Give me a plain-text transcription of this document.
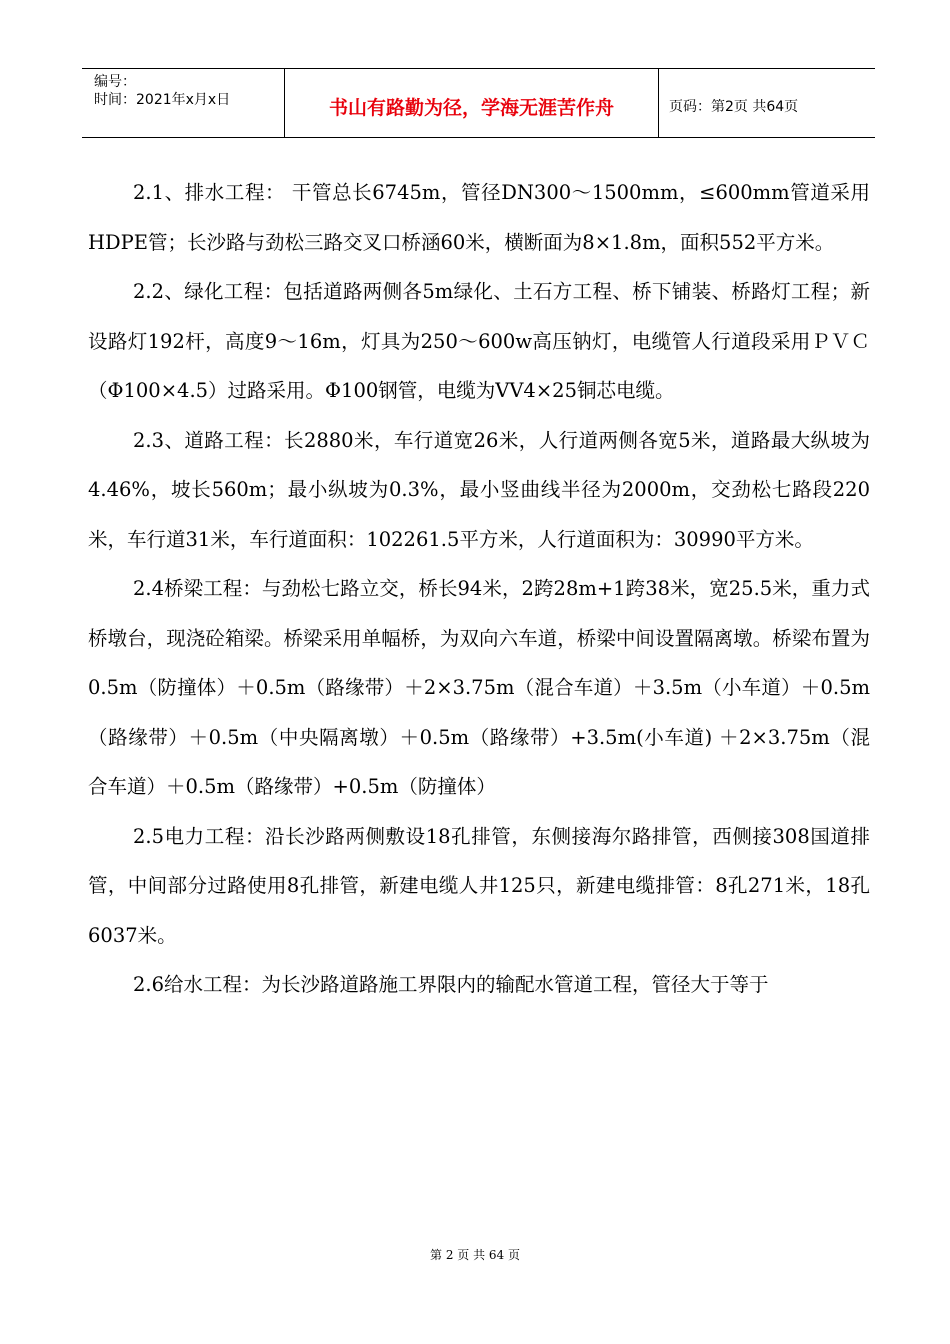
编号：
时间：2021年x月x日	书山有路勤为径，学海无涯苦作舟	页码：第2页 共64页

2.1、排水工程： 干管总长6745m，管径DN300～1500mm，≤600mm管道采用HDPE管；长沙路与劲松三路交叉口桥涵60米，横断面为8×1.8m，面积552平方米。

2.2、绿化工程：包括道路两侧各5m绿化、土石方工程、桥下铺装、桥路灯工程；新设路灯192杆，高度9～16m，灯具为250～600w高压钠灯，电缆管人行道段采用ＰＶＣ（Φ100×4.5）过路采用。Φ100钢管，电缆为VV4×25铜芯电缆。

2.3、道路工程：长2880米，车行道宽26米，人行道两侧各宽5米，道路最大纵坡为4.46%，坡长560m；最小纵坡为0.3%，最小竖曲线半径为2000m，交劲松七路段220米，车行道31米，车行道面积：102261.5平方米，人行道面积为：30990平方米。

2.4桥梁工程：与劲松七路立交，桥长94米，2跨28m+1跨38米，宽25.5米，重力式桥墩台，现浇砼箱梁。桥梁采用单幅桥，为双向六车道，桥梁中间设置隔离墩。桥梁布置为0.5m（防撞体）＋0.5m（路缘带）＋2×3.75m（混合车道）＋3.5m（小车道）＋0.5m（路缘带）＋0.5m（中央隔离墩）＋0.5m（路缘带）+3.5m(小车道) ＋2×3.75m（混合车道）＋0.5m（路缘带）+0.5m（防撞体）

2.5电力工程：沿长沙路两侧敷设18孔排管，东侧接海尔路排管，西侧接308国道排管，中间部分过路使用8孔排管，新建电缆人井125只，新建电缆排管：8孔271米，18孔6037米。

2.6给水工程：为长沙路道路施工界限内的输配水管道工程，管径大于等于

第 2 页 共 64 页
